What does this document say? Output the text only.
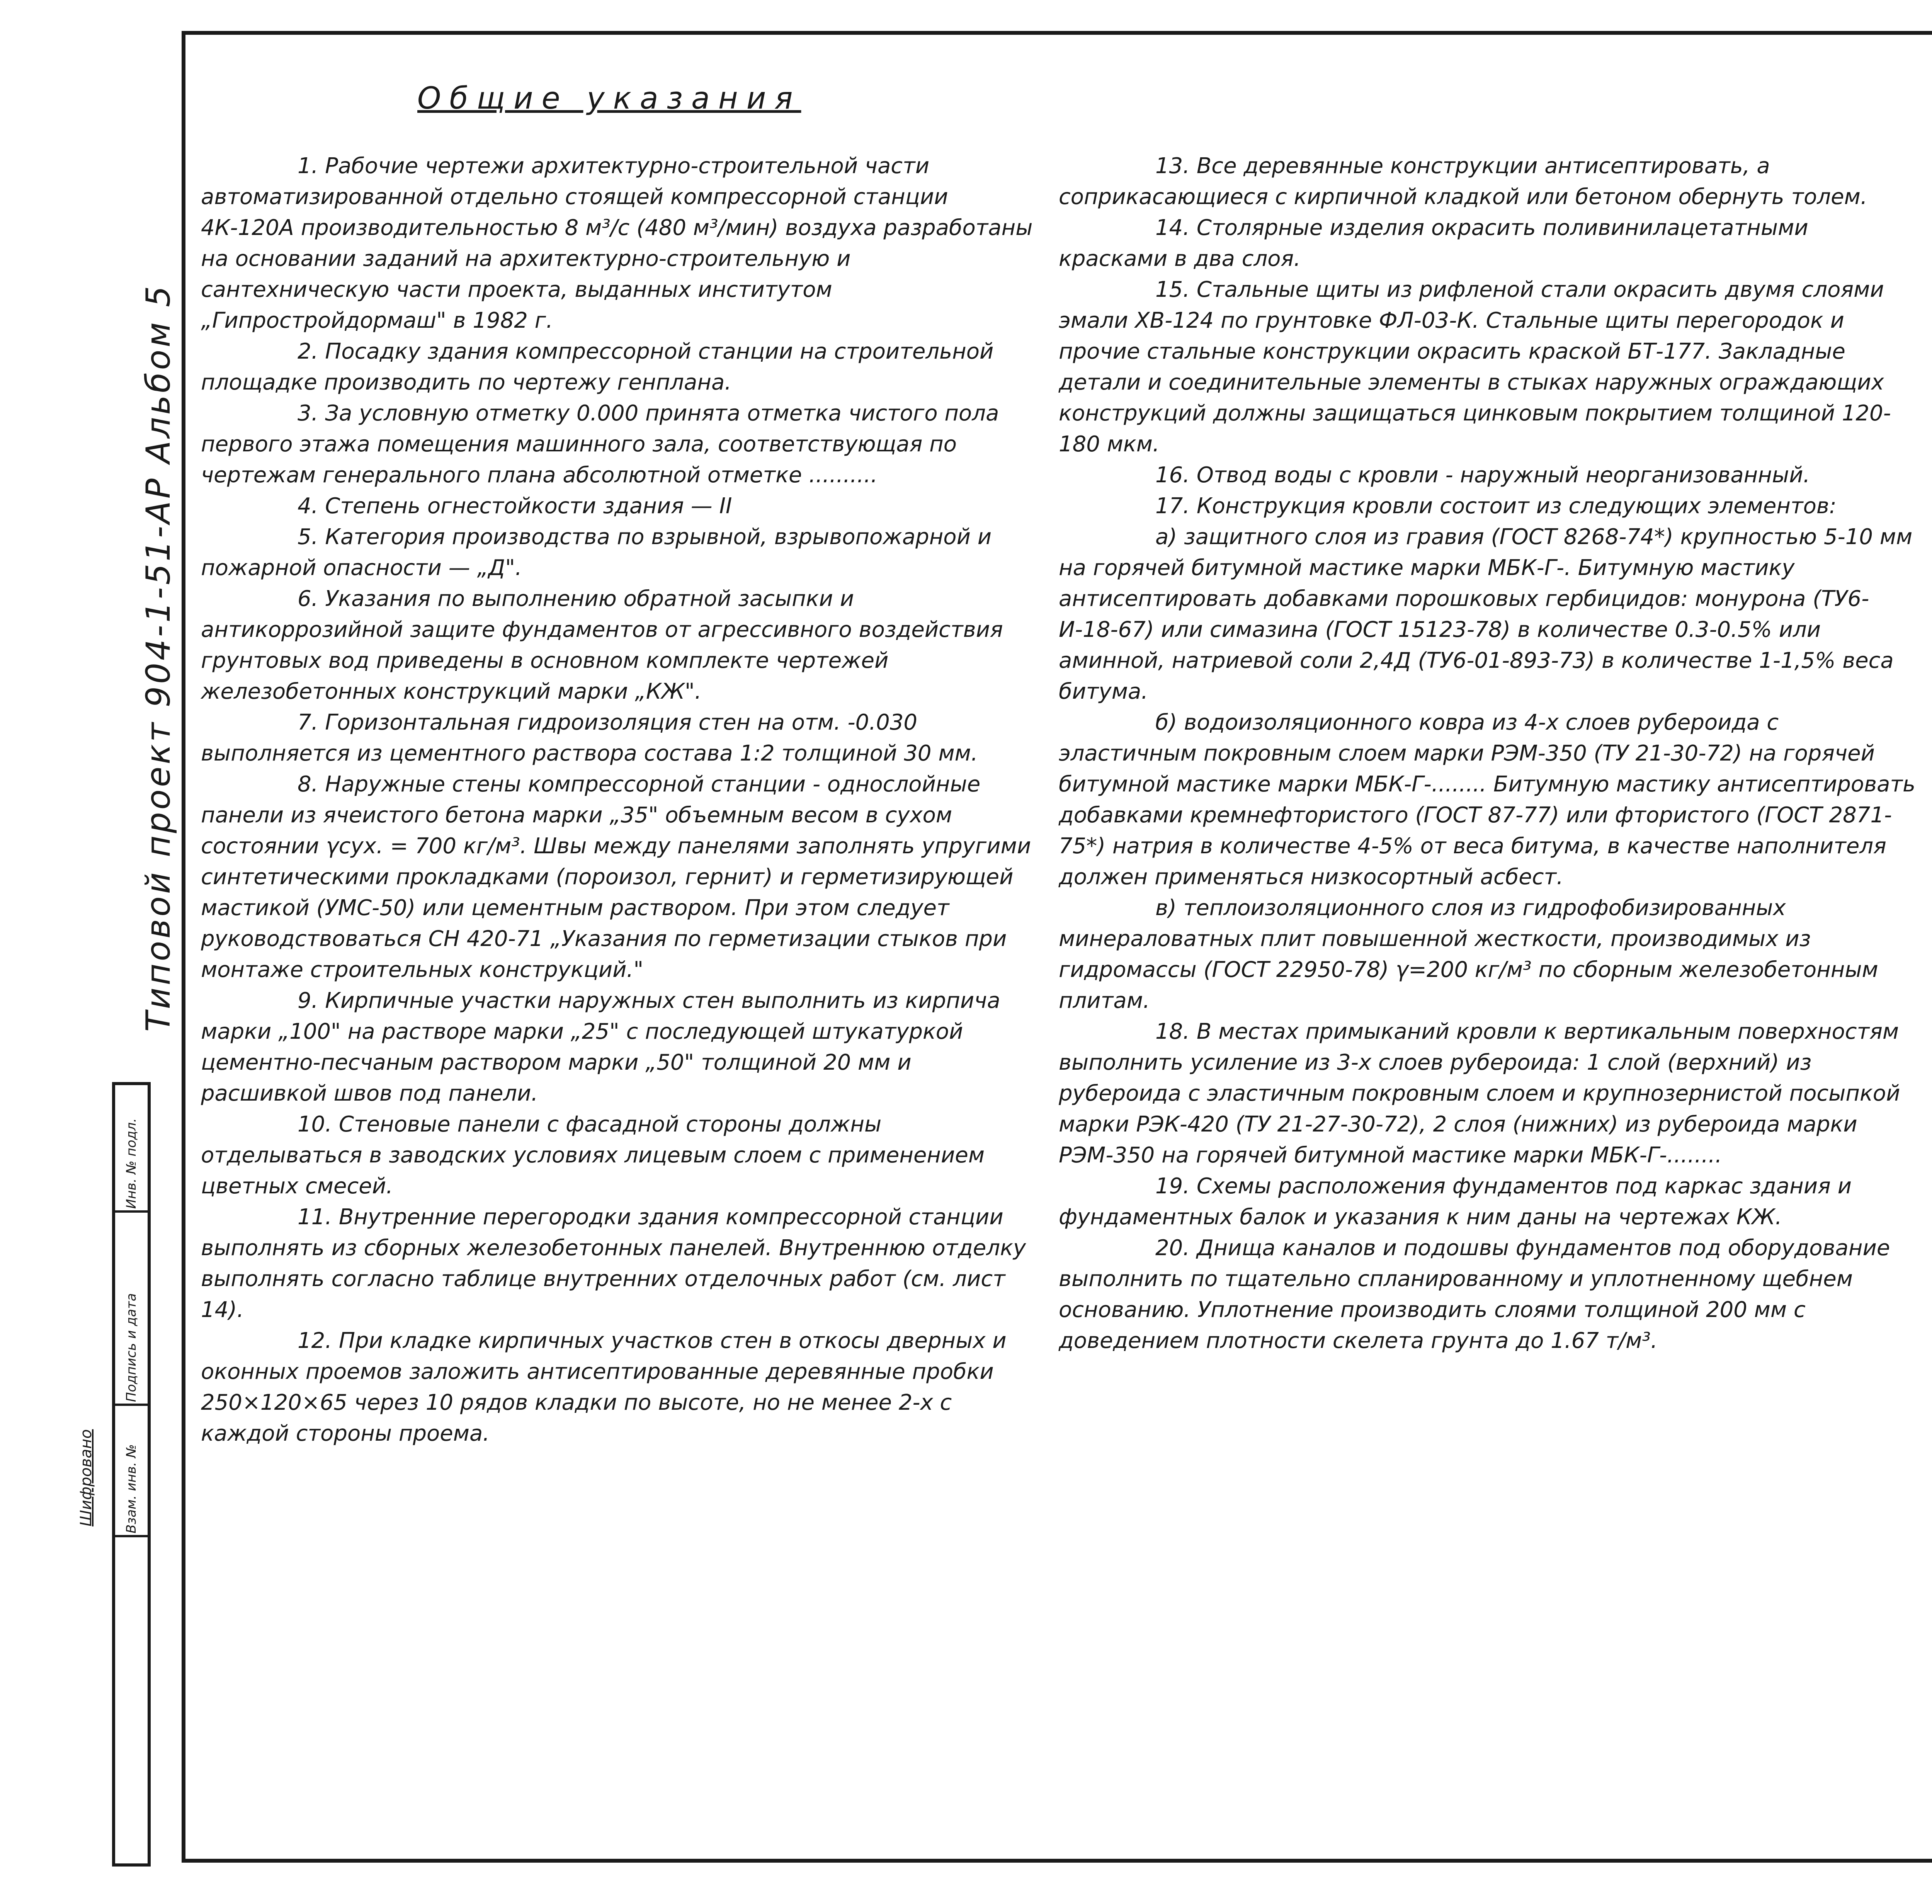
Типовой проект 904-1-51-АР Альбом 5
Шифровано
Инв. № подл.
Подпись и дата
Взам. инв. №
Общие указания

1. Рабочие чертежи архитектурно-строительной части автоматизированной отдельно стоящей компрессорной станции 4К-120А производительностью 8 м³/с (480 м³/мин) воздуха разработаны на основании заданий на архитектурно-строительную и сантехническую части проекта, выданных институтом „Гипростройдормаш" в 1982 г.

2. Посадку здания компрессорной станции на строительной площадке производить по чертежу генплана.

3. За условную отметку 0.000 принята отметка чистого пола первого этажа помещения машинного зала, соответствующая по чертежам генерального плана абсолютной отметке ..........

4. Степень огнестойкости здания — II

5. Категория производства по взрывной, взрывопожарной и пожарной опасности — „Д".

6. Указания по выполнению обратной засыпки и антикоррозийной защите фундаментов от агрессивного воздействия грунтовых вод приведены в основном комплекте чертежей железобетонных конструкций марки „КЖ".

7. Горизонтальная гидроизоляция стен на отм. -0.030 выполняется из цементного раствора состава 1:2 толщиной 30 мм.

8. Наружные стены компрессорной станции - однослойные панели из ячеистого бетона марки „35" объемным весом в сухом состоянии γсух. = 700 кг/м³. Швы между панелями заполнять упругими синтетическими прокладками (пороизол, гернит) и герметизирующей мастикой (УМС-50) или цементным раствором. При этом следует руководствоваться СН 420-71 „Указания по герметизации стыков при монтаже строительных конструкций."

9. Кирпичные участки наружных стен выполнить из кирпича марки „100" на растворе марки „25" с последующей штукатуркой цементно-песчаным раствором марки „50" толщиной 20 мм и расшивкой швов под панели.

10. Стеновые панели с фасадной стороны должны отделываться в заводских условиях лицевым слоем с применением цветных смесей.

11. Внутренние перегородки здания компрессорной станции выполнять из сборных железобетонных панелей. Внутреннюю отделку выполнять согласно таблице внутренних отделочных работ (см. лист 14).

12. При кладке кирпичных участков стен в откосы дверных и оконных проемов заложить антисептированные деревянные пробки 250×120×65 через 10 рядов кладки по высоте, но не менее 2-х с каждой стороны проема.

13. Все деревянные конструкции антисептировать, а соприкасающиеся с кирпичной кладкой или бетоном обернуть толем.

14. Столярные изделия окрасить поливинилацетатными красками в два слоя.

15. Стальные щиты из рифленой стали окрасить двумя слоями эмали ХВ-124 по грунтовке ФЛ-03-К. Стальные щиты перегородок и прочие стальные конструкции окрасить краской БТ-177. Закладные детали и соединительные элементы в стыках наружных ограждающих конструкций должны защищаться цинковым покрытием толщиной 120-180 мкм.

16. Отвод воды с кровли - наружный неорганизованный.

17. Конструкция кровли состоит из следующих элементов:

а) защитного слоя из гравия (ГОСТ 8268-74*) крупностью 5-10 мм на горячей битумной мастике марки МБК-Г-. Битумную мастику антисептировать добавками порошковых гербицидов: монурона (ТУ6-И-18-67) или симазина (ГОСТ 15123-78) в количестве 0.3-0.5% или аминной, натриевой соли 2,4Д (ТУ6-01-893-73) в количестве 1-1,5% веса битума.

б) водоизоляционного ковра из 4-х слоев рубероида с эластичным покровным слоем марки РЭМ-350 (ТУ 21-30-72) на горячей битумной мастике марки МБК-Г-........ Битумную мастику антисептировать добавками кремнефтористого (ГОСТ 87-77) или фтористого (ГОСТ 2871-75*) натрия в количестве 4-5% от веса битума, в качестве наполнителя должен применяться низкосортный асбест.

в) теплоизоляционного слоя из гидрофобизированных минераловатных плит повышенной жесткости, производимых из гидромассы (ГОСТ 22950-78) γ=200 кг/м³ по сборным железобетонным плитам.

18. В местах примыканий кровли к вертикальным поверхностям выполнить усиление из 3-х слоев рубероида: 1 слой (верхний) из рубероида с эластичным покровным слоем и крупнозернистой посыпкой марки РЭК-420 (ТУ 21-27-30-72), 2 слоя (нижних) из рубероида марки РЭМ-350 на горячей битумной мастике марки МБК-Г-........

19. Схемы расположения фундаментов под каркас здания и фундаментных балок и указания к ним даны на чертежах КЖ.

20. Днища каналов и подошвы фундаментов под оборудование выполнить по тщательно спланированному и уплотненному щебнем основанию. Уплотнение производить слоями толщиной 200 мм с доведением плотности скелета грунта до 1.67 т/м³.
